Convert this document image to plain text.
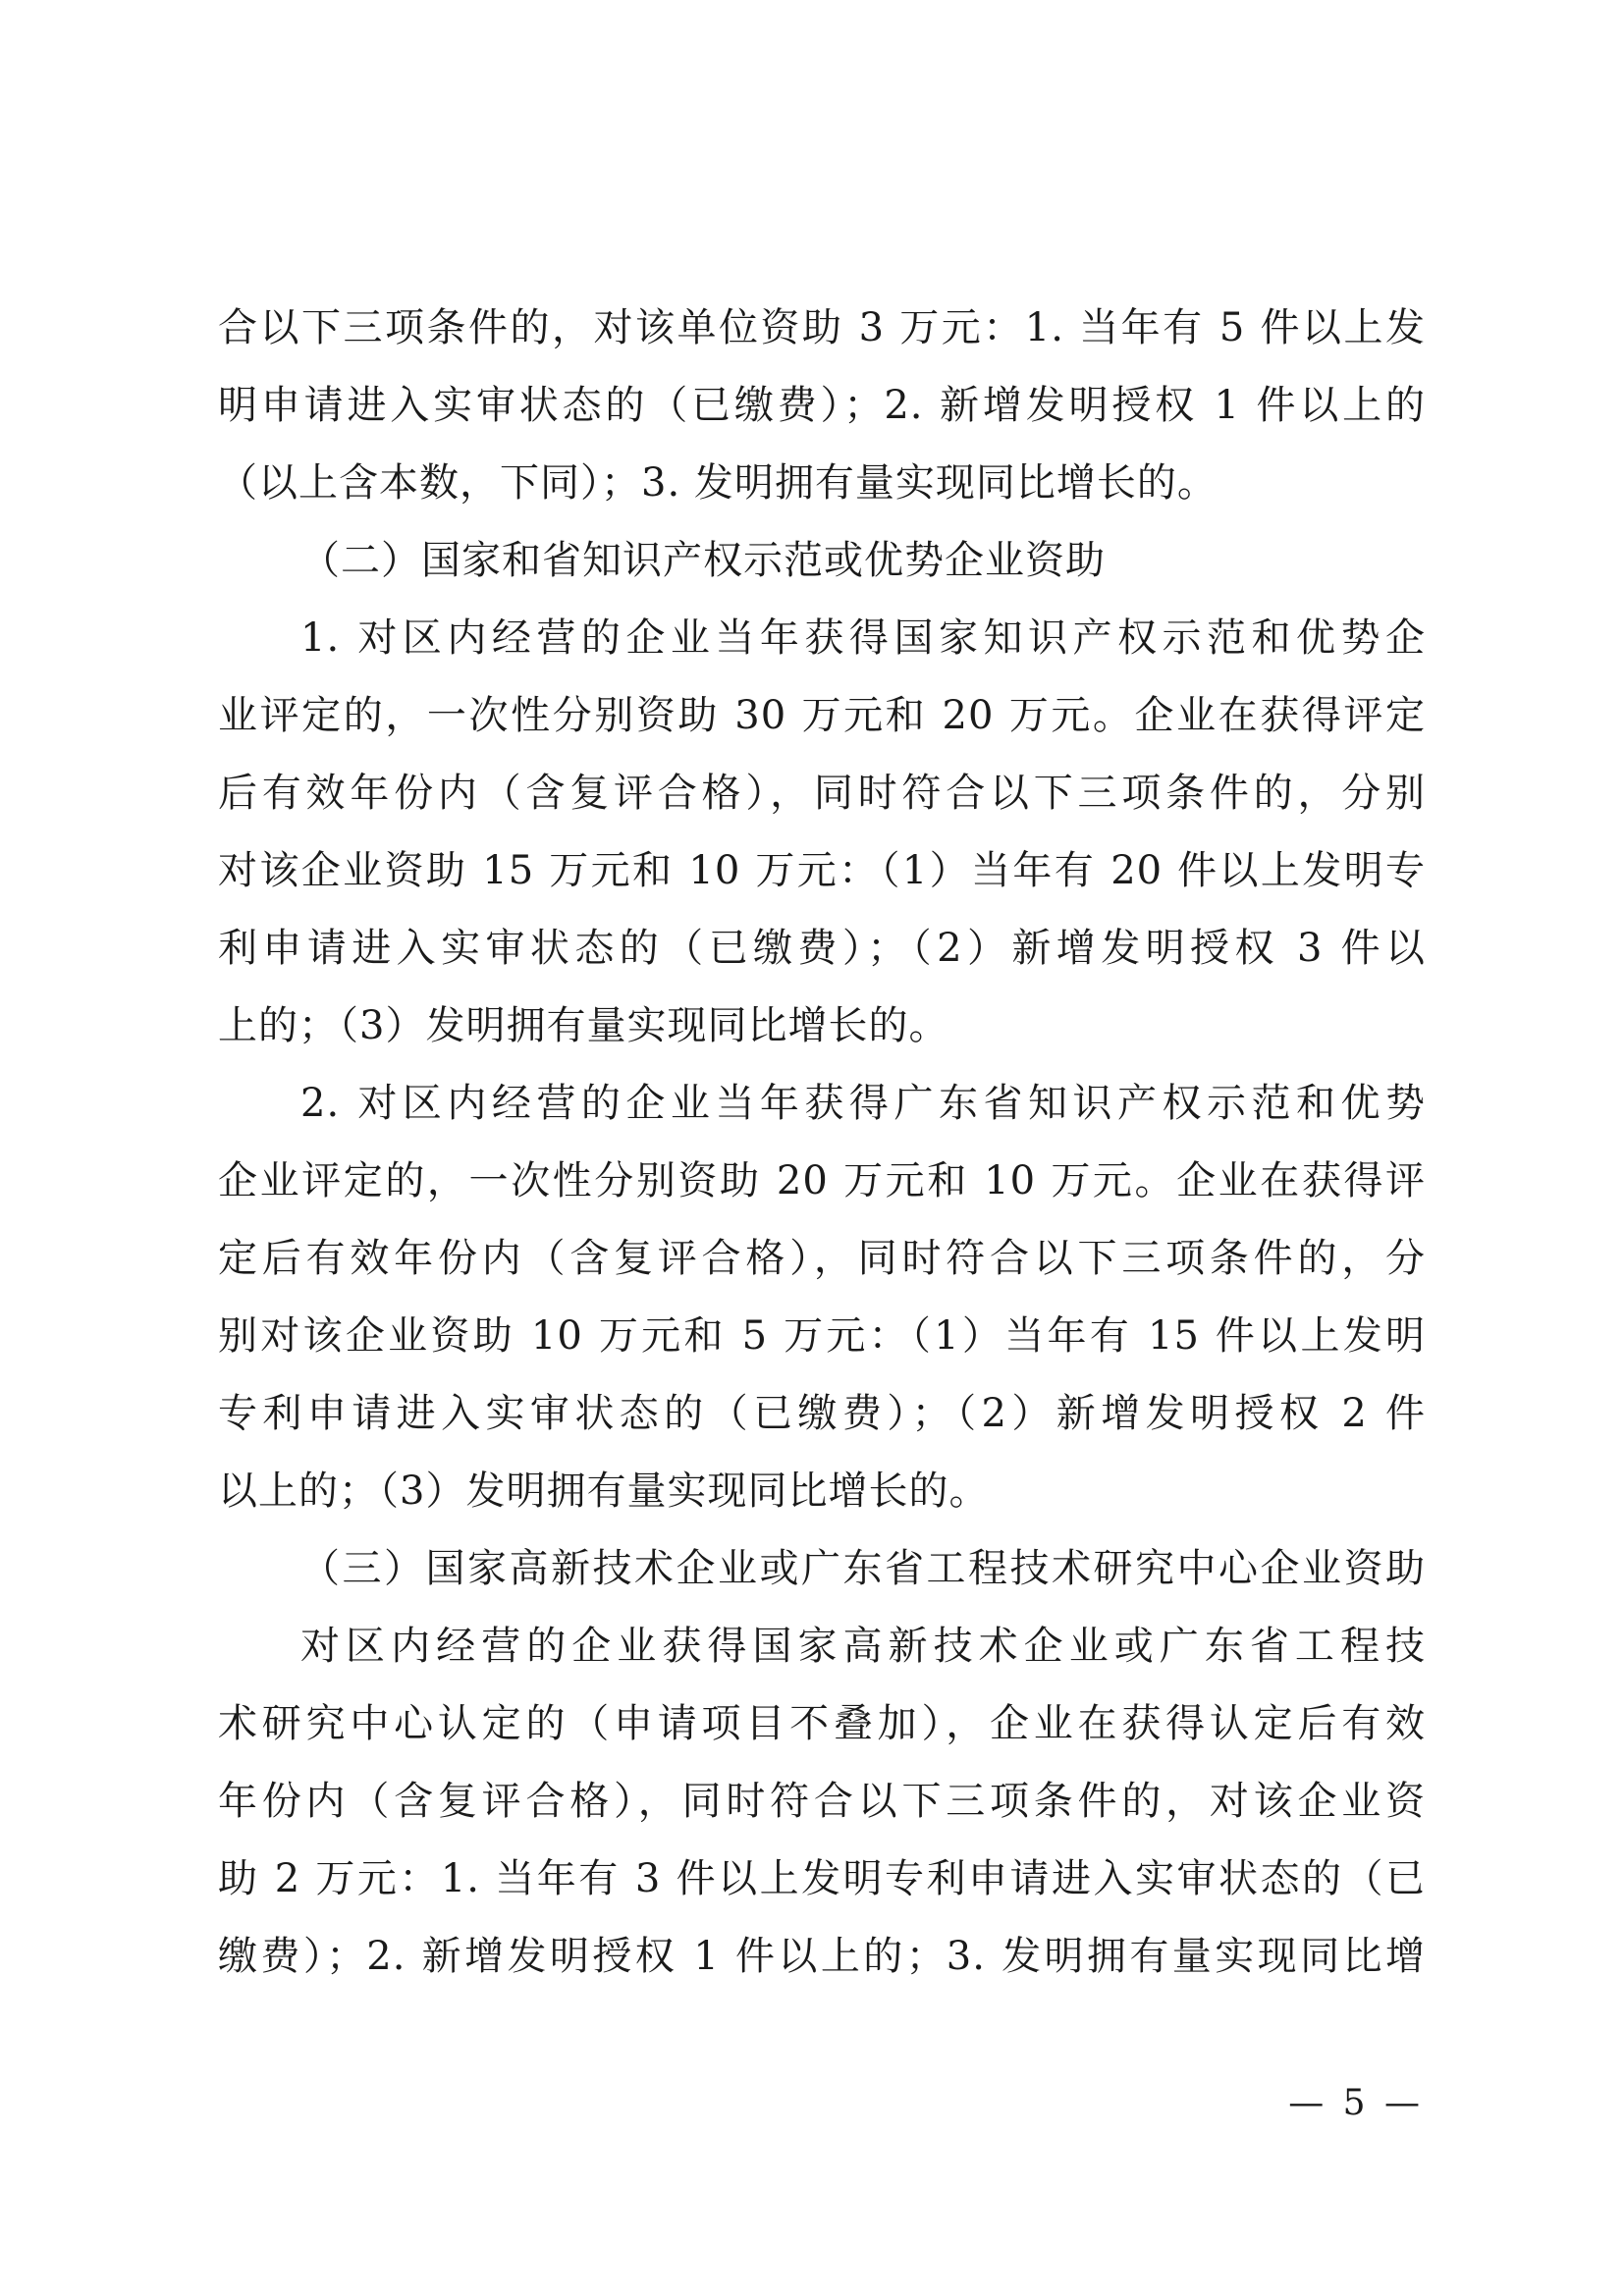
合以下三项条件的，对该单位资助 3 万元：1. 当年有 5 件以上发
明申请进入实审状态的（已缴费）；2. 新增发明授权 1 件以上的
（以上含本数，下同）；3. 发明拥有量实现同比增长的。
（二）国家和省知识产权示范或优势企业资助
1. 对区内经营的企业当年获得国家知识产权示范和优势企
业评定的，一次性分别资助 30 万元和 20 万元。企业在获得评定
后有效年份内（含复评合格），同时符合以下三项条件的，分别
对该企业资助 15 万元和 10 万元：（1）当年有 20 件以上发明专
利申请进入实审状态的（已缴费）；（2）新增发明授权 3 件以
上的；（3）发明拥有量实现同比增长的。
2. 对区内经营的企业当年获得广东省知识产权示范和优势
企业评定的，一次性分别资助 20 万元和 10 万元。企业在获得评
定后有效年份内（含复评合格），同时符合以下三项条件的，分
别对该企业资助 10 万元和 5 万元：（1）当年有 15 件以上发明
专利申请进入实审状态的（已缴费）；（2）新增发明授权 2 件
以上的；（3）发明拥有量实现同比增长的。
（三）国家高新技术企业或广东省工程技术研究中心企业资助
对区内经营的企业获得国家高新技术企业或广东省工程技
术研究中心认定的（申请项目不叠加），企业在获得认定后有效
年份内（含复评合格），同时符合以下三项条件的，对该企业资
助 2 万元：1. 当年有 3 件以上发明专利申请进入实审状态的（已
缴费）；2. 新增发明授权 1 件以上的；3. 发明拥有量实现同比增
— 5 —
